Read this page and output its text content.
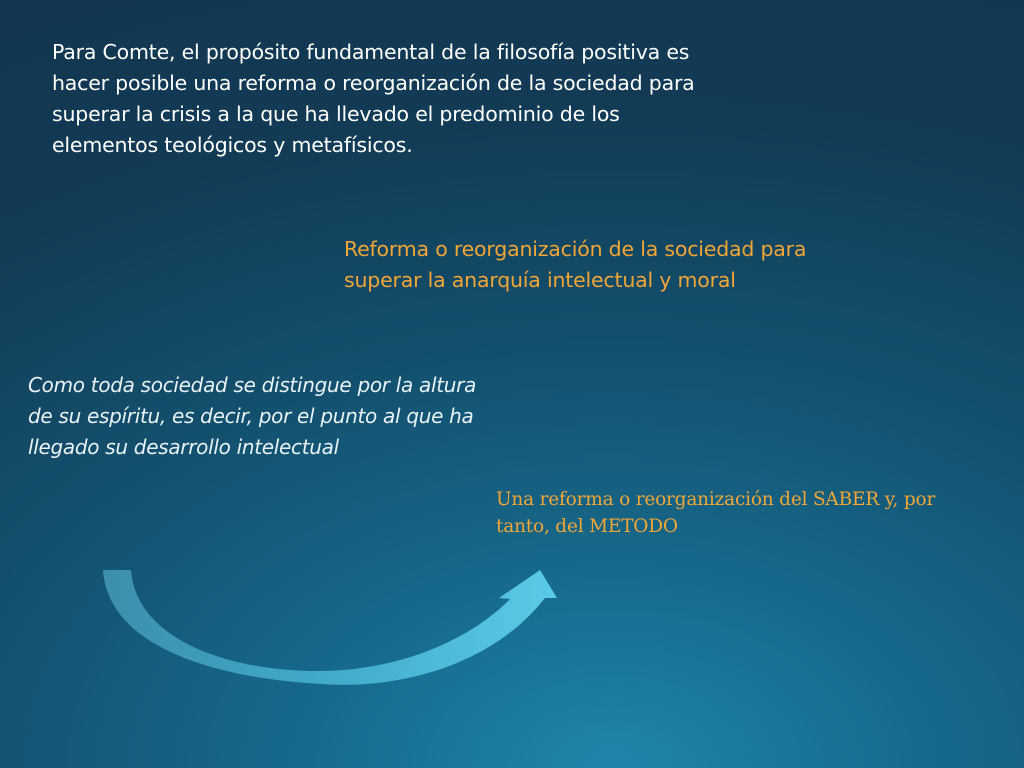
Para Comte, el propósito fundamental de la filosofía positiva es
hacer posible una reforma o reorganización de la sociedad para
superar la crisis a la que ha llevado el predominio de los
elementos teológicos y metafísicos.

Reforma o reorganización de la sociedad para
superar la anarquía intelectual y moral

Como toda sociedad se distingue por la altura
de su espíritu, es decir, por el punto al que ha
llegado su desarrollo intelectual

Una reforma o reorganización del SABER y, por
tanto, del METODO
